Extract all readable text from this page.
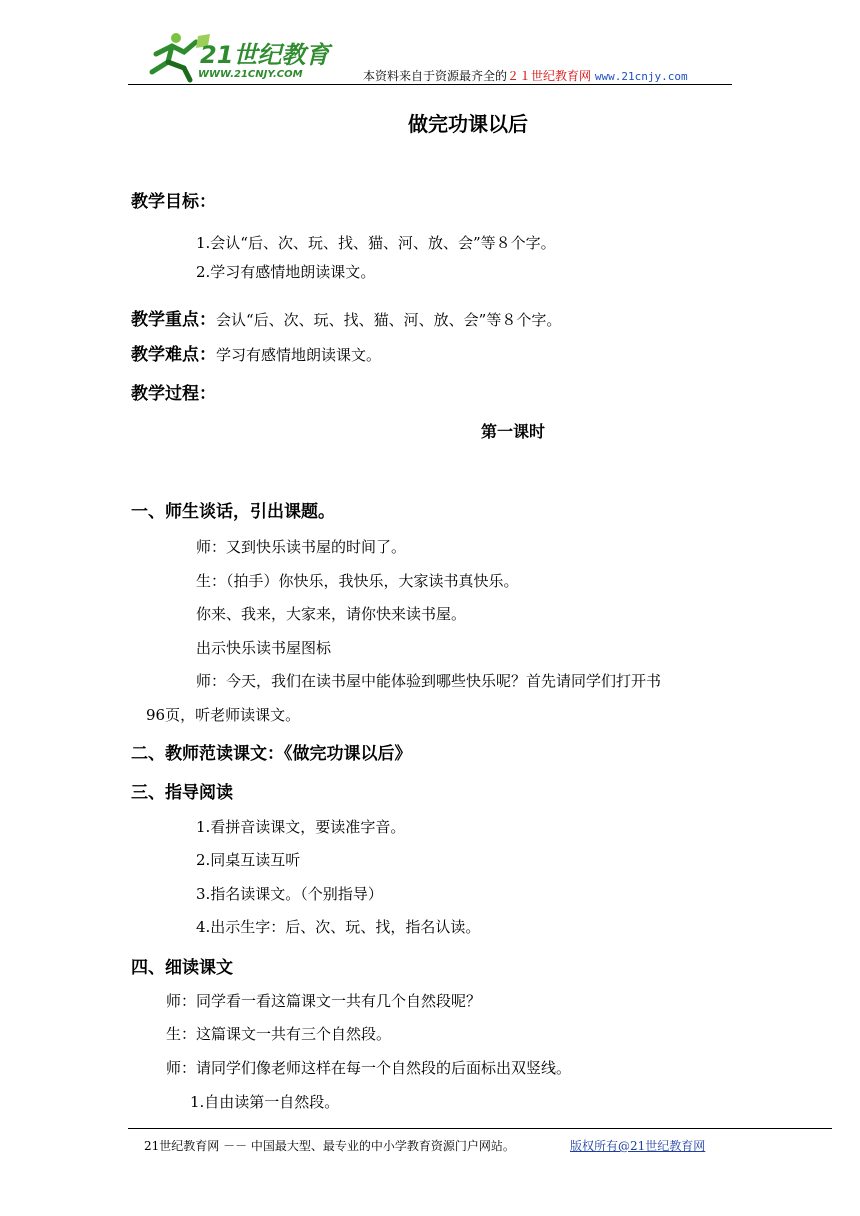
21世纪教育
WWW.21CNJY.COM	本资料来自于资源最齐全的２１世纪教育网 www.21cnjy.com
做完功课以后
教学目标：
1.会认“后、次、玩、找、猫、河、放、会”等８个字。
2.学习有感情地朗读课文。
教学重点：会认“后、次、玩、找、猫、河、放、会”等８个字。
教学难点：学习有感情地朗读课文。
教学过程：
第一课时
一、师生谈话，引出课题。
师：又到快乐读书屋的时间了。
生：（拍手）你快乐，我快乐，大家读书真快乐。
你来、我来，大家来，请你快来读书屋。
出示快乐读书屋图标
师：今天，我们在读书屋中能体验到哪些快乐呢？首先请同学们打开书
96页，听老师读课文。
二、教师范读课文：《做完功课以后》
三、指导阅读
1.看拼音读课文，要读准字音。
2.同桌互读互听
3.指名读课文。（个别指导）
4.出示生字：后、次、玩、找，指名认读。
四、细读课文
师：同学看一看这篇课文一共有几个自然段呢？
生：这篇课文一共有三个自然段。
师：请同学们像老师这样在每一个自然段的后面标出双竖线。
1.自由读第一自然段。
21世纪教育网 －－ 中国最大型、最专业的中小学教育资源门户网站。	版权所有@21世纪教育网
